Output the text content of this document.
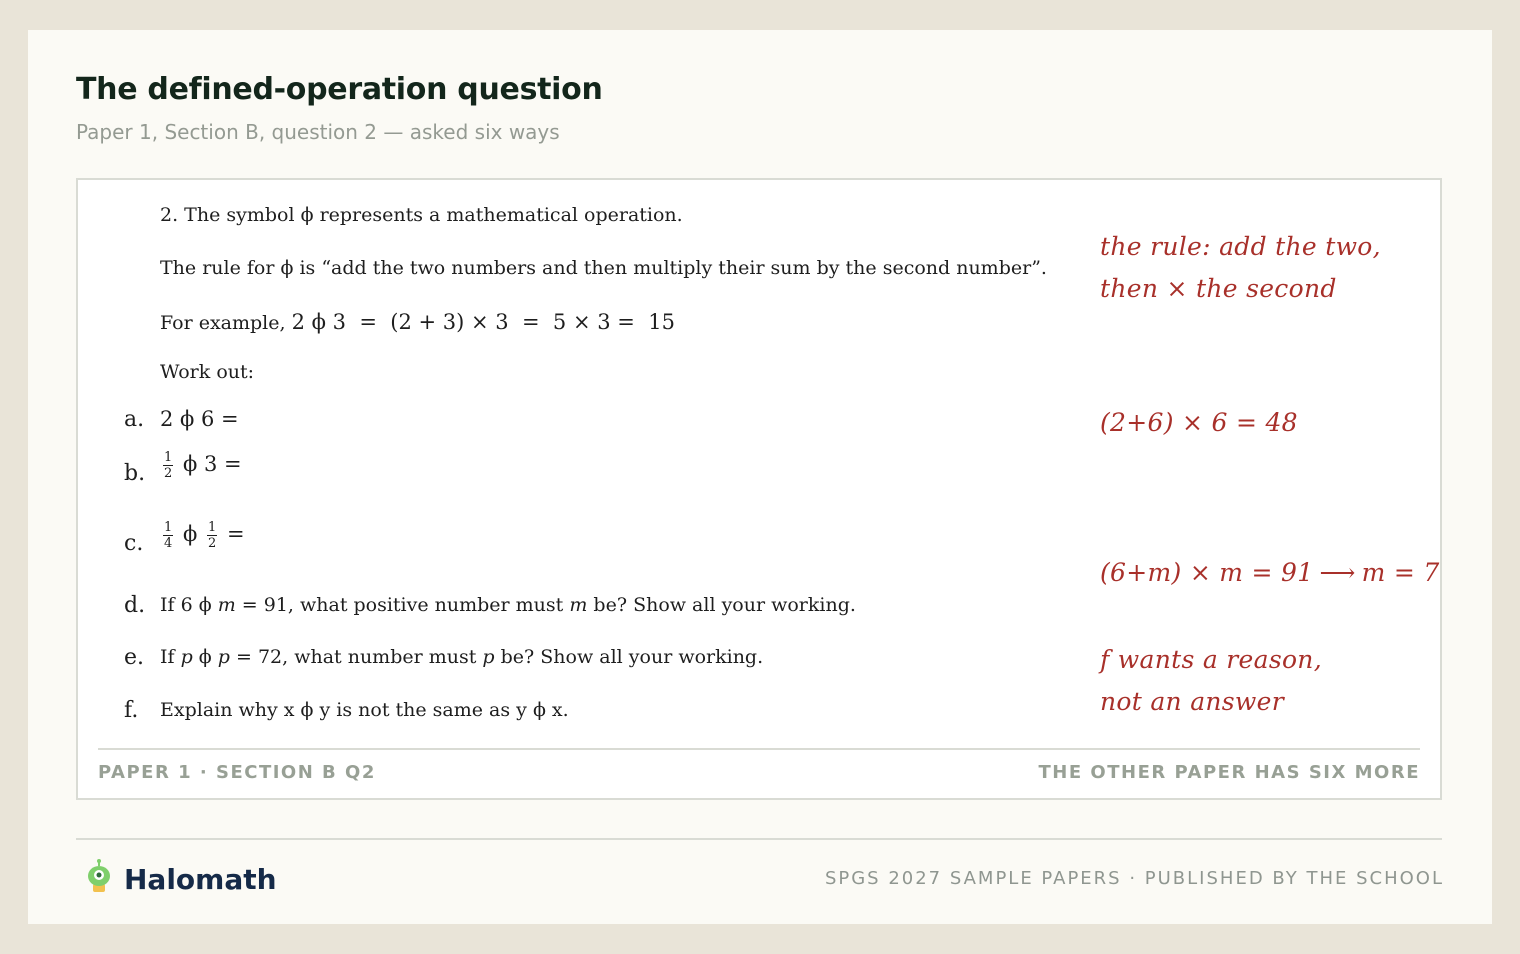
The defined-operation question
Paper 1, Section B, question 2 — asked six ways
2. The symbol ϕ represents a mathematical operation.
The rule for ϕ is “add the two numbers and then multiply their sum by the second number”.
For example, 2 ϕ 3  =  (2 + 3) × 3  =  5 × 3 =  15
Work out:
a. 2 ϕ 6 =
b. $\frac{1}{2}$ ϕ 3 =
c. $\frac{1}{4}$ ϕ $\frac{1}{2}$ =
d. If 6 ϕ m = 91, what positive number must m be? Show all your working.
e. If p ϕ p = 72, what number must p be? Show all your working.
f. Explain why x ϕ y is not the same as y ϕ x.
the rule: add the two,
then × the second
(2+6) × 6 = 48
(6+m) × m = 91 ⟶ m = 7
f wants a reason,
not an answer
PAPER 1 · SECTION B Q2	THE OTHER PAPER HAS SIX MORE
Halomath	SPGS 2027 SAMPLE PAPERS · PUBLISHED BY THE SCHOOL
